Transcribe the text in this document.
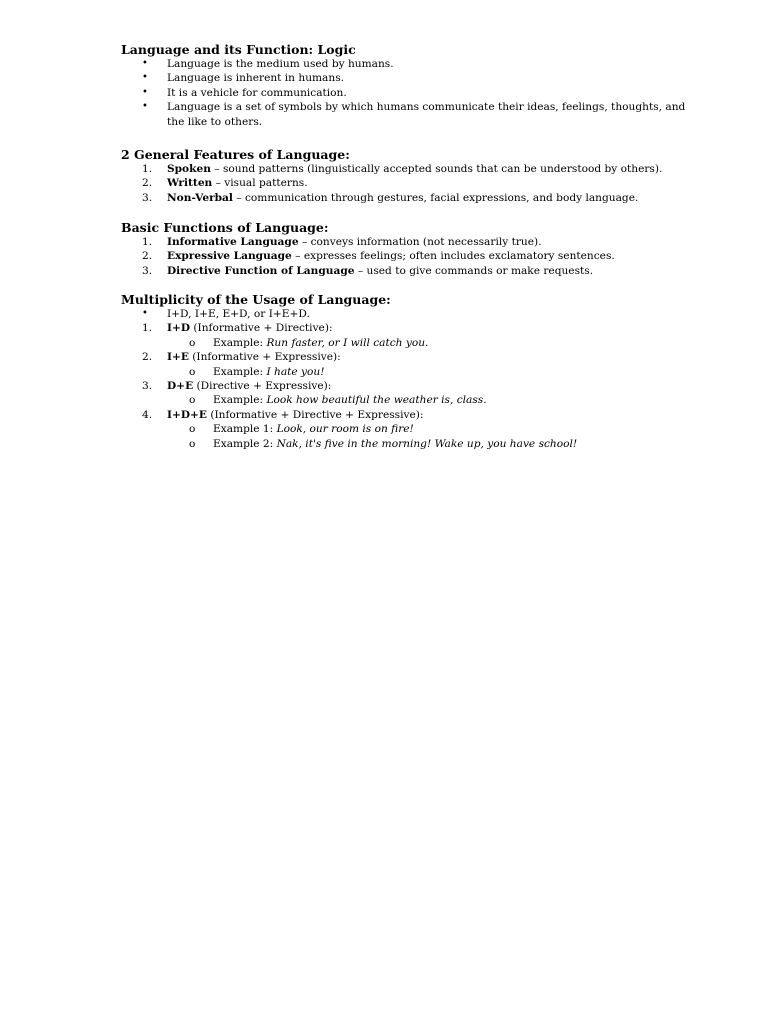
Language and its Function: Logic
•	Language is the medium used by humans.
•	Language is inherent in humans.
•	It is a vehicle for communication.
•	Language is a set of symbols by which humans communicate their ideas, feelings, thoughts, and the like to others.
2 General Features of Language:
1.	Spoken – sound patterns (linguistically accepted sounds that can be understood by others).
2.	Written – visual patterns.
3.	Non-Verbal – communication through gestures, facial expressions, and body language.
Basic Functions of Language:
1.	Informative Language – conveys information (not necessarily true).
2.	Expressive Language – expresses feelings; often includes exclamatory sentences.
3.	Directive Function of Language – used to give commands or make requests.
Multiplicity of the Usage of Language:
•	I+D, I+E, E+D, or I+E+D.
1.	I+D (Informative + Directive):
o	Example: Run faster, or I will catch you.
2.	I+E (Informative + Expressive):
o	Example: I hate you!
3.	D+E (Directive + Expressive):
o	Example: Look how beautiful the weather is, class.
4.	I+D+E (Informative + Directive + Expressive):
o	Example 1: Look, our room is on fire!
o	Example 2: Nak, it's five in the morning! Wake up, you have school!
